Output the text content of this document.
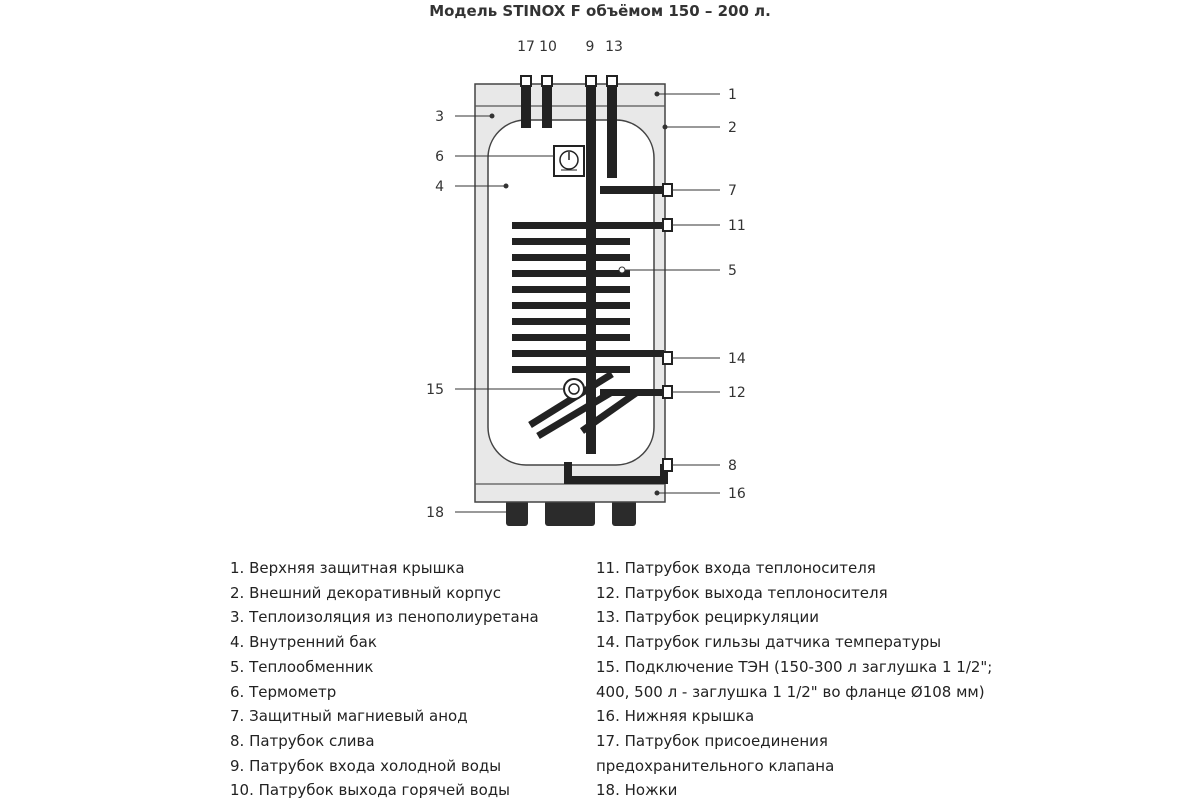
Модель STINOX F объёмом 150 – 200 л.
17 10 9 13
1
2
3
6
4	7
11
5
14
15	12
8
16
18
1. Верхняя защитная крышка
2. Внешний декоративный корпус
3. Теплоизоляция из пенополиуретана
4. Внутренний бак
5. Теплообменник
6. Термометр
7. Защитный магниевый анод
8. Патрубок слива
9. Патрубок входа холодной воды
10. Патрубок выхода горячей воды
11. Патрубок входа теплоносителя
12. Патрубок выхода теплоносителя
13. Патрубок рециркуляции
14. Патрубок гильзы датчика температуры
15. Подключение ТЭН (150-300 л заглушка 1 1/2";
400, 500 л - заглушка 1 1/2" во фланце Ø108 мм)
16. Нижняя крышка
17. Патрубок присоединения
предохранительного клапана
18. Ножки
